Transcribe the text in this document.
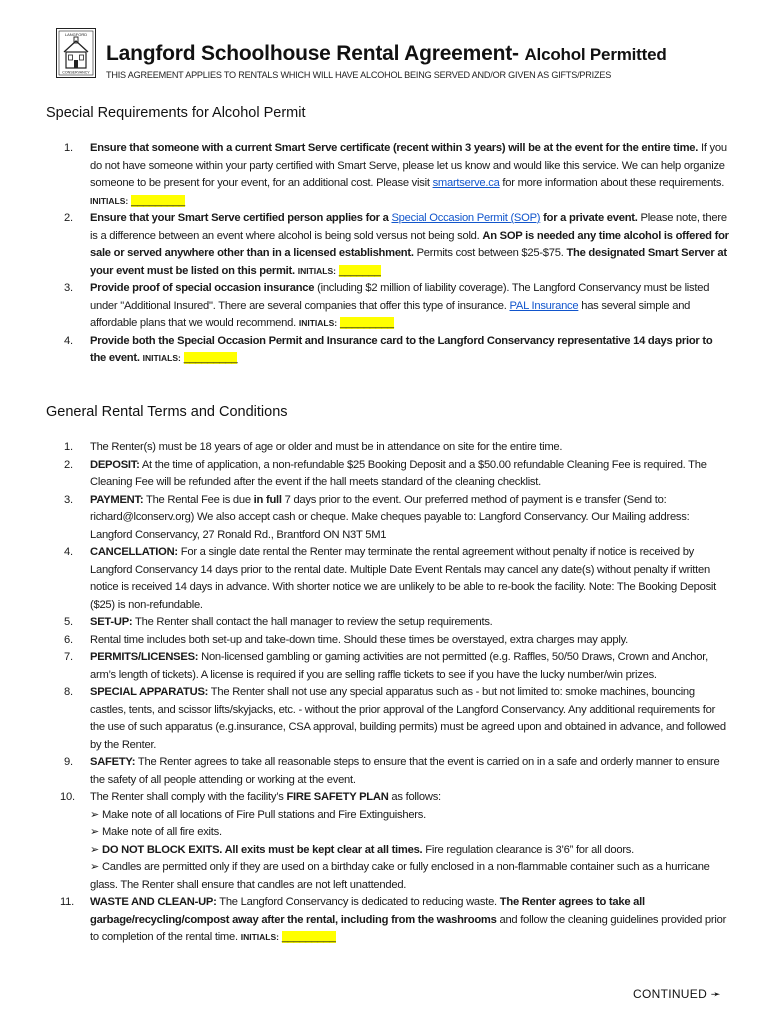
LANGFORD
CONSERVANCY
Langford Schoolhouse Rental Agreement- Alcohol Permitted
THIS AGREEMENT APPLIES TO RENTALS WHICH WILL HAVE ALCOHOL BEING SERVED AND/OR GIVEN AS GIFTS/PRIZES
Special Requirements for Alcohol Permit
1.	Ensure that someone with a current Smart Serve certificate (recent within 3 years) will be at the event for the entire time. If you do not have someone within your party certified with Smart Serve, please let us know and would like this service. We can help organize someone to be present for your event, for an additional cost. Please visit smartserve.ca for more information about these requirements. INITIALS: _________
2.	Ensure that your Smart Serve certified person applies for a Special Occasion Permit (SOP) for a private event. Please note, there is a difference between an event where alcohol is being sold versus not being sold. An SOP is needed any time alcohol is offered for sale or served anywhere other than in a licensed establishment. Permits cost between $25-$75. The designated Smart Server at your event must be listed on this permit. INITIALS: _______
3.	Provide proof of special occasion insurance (including $2 million of liability coverage). The Langford Conservancy must be listed under "Additional Insured". There are several companies that offer this type of insurance. PAL Insurance has several simple and affordable plans that we would recommend. INITIALS: _________
4.	Provide both the Special Occasion Permit and Insurance card to the Langford Conservancy representative 14 days prior to the event. INITIALS: _________
General Rental Terms and Conditions
1.	The Renter(s) must be 18 years of age or older and must be in attendance on site for the entire time.
2.	DEPOSIT: At the time of application, a non-refundable $25 Booking Deposit and a $50.00 refundable Cleaning Fee is required. The Cleaning Fee will be refunded after the event if the hall meets standard of the cleaning checklist.
3.	PAYMENT: The Rental Fee is due in full 7 days prior to the event. Our preferred method of payment is e transfer (Send to: richard@lconserv.org) We also accept cash or cheque. Make cheques payable to: Langford Conservancy. Our Mailing address: Langford Conservancy, 27 Ronald Rd., Brantford ON N3T 5M1
4.	CANCELLATION: For a single date rental the Renter may terminate the rental agreement without penalty if notice is received by Langford Conservancy 14 days prior to the rental date. Multiple Date Event Rentals may cancel any date(s) without penalty if written notice is received 14 days in advance. With shorter notice we are unlikely to be able to re-book the facility. Note: The Booking Deposit ($25) is non-refundable.
5.	SET-UP: The Renter shall contact the hall manager to review the setup requirements.
6.	Rental time includes both set-up and take-down time. Should these times be overstayed, extra charges may apply.
7.	PERMITS/LICENSES: Non-licensed gambling or gaming activities are not permitted (e.g. Raffles, 50/50 Draws, Crown and Anchor, arm’s length of tickets). A license is required if you are selling raffle tickets to see if you have the lucky number/win prizes.
8.	SPECIAL APPARATUS: The Renter shall not use any special apparatus such as - but not limited to: smoke machines, bouncing castles, tents, and scissor lifts/skyjacks, etc. - without the prior approval of the Langford Conservancy. Any additional requirements for the use of such apparatus (e.g.insurance, CSA approval, building permits) must be agreed upon and obtained in advance, and followed by the Renter.
9.	SAFETY: The Renter agrees to take all reasonable steps to ensure that the event is carried on in a safe and orderly manner to ensure the safety of all people attending or working at the event.
10.	The Renter shall comply with the facility’s FIRE SAFETY PLAN as follows:
➢ Make note of all locations of Fire Pull stations and Fire Extinguishers.
➢ Make note of all fire exits.
➢ DO NOT BLOCK EXITS. All exits must be kept clear at all times. Fire regulation clearance is 3’6” for all doors.
➢ Candles are permitted only if they are used on a birthday cake or fully enclosed in a non-flammable container such as a hurricane glass. The Renter shall ensure that candles are not left unattended.
11.	WASTE AND CLEAN-UP: The Langford Conservancy is dedicated to reducing waste. The Renter agrees to take all garbage/recycling/compost away after the rental, including from the washrooms and follow the cleaning guidelines provided prior to completion of the rental time. INITIALS: _________
CONTINUED ➛
